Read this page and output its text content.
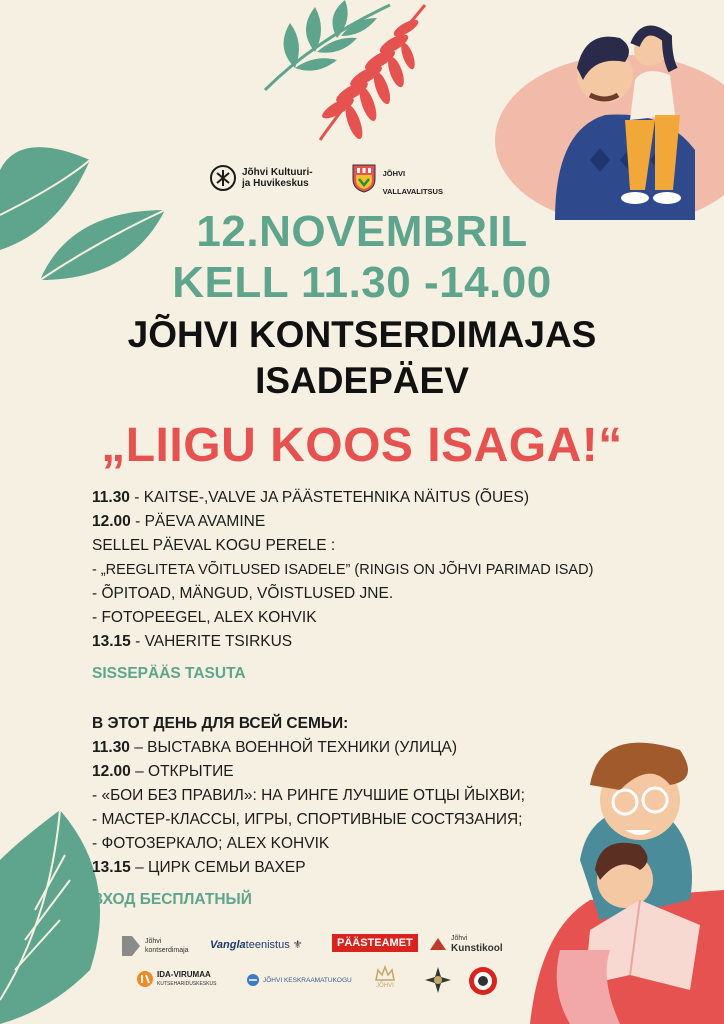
Jõhvi Kultuuri-
ja Huvikeskus

JÕHVI

VALLAVALITSUS

12.NOVEMBRIL
KELL 11.30 -14.00
JÕHVI KONTSERDIMAJAS
ISADEPÄEV
„LIIGU KOOS ISAGA!“
11.30 - KAITSE-,VALVE JA PÄÄSTETEHNIKA NÄITUS (ÕUES)
12.00 - PÄEVA AVAMINE
SELLEL PÄEVAL KOGU PERELE :
- „REEGLITETA VÕITLUSED ISADELE” (RINGIS ON JÕHVI PARIMAD ISAD)
- ÕPITOAD, MÄNGUD, VÕISTLUSED JNE.
- FOTOPEEGEL, ALEX KOHVIK
13.15 - VAHERITE TSIRKUS
SISSEPÄÄS TASUTA
В ЭТОТ ДЕНЬ ДЛЯ ВСЕЙ СЕМЬИ:
11.30 – ВЫСТАВКА ВОЕННОЙ ТЕХНИКИ (УЛИЦА)
12.00 – ОТКРЫТИЕ
- «БОИ БЕЗ ПРАВИЛ»: НА РИНГЕ ЛУЧШИЕ ОТЦЫ ЙЫХВИ;
- МАСТЕР-КЛАССЫ, ИГРЫ, СПОРТИВНЫЕ СОСТЯЗАНИЯ;
- ФОТОЗЕРКАЛО; ALEX KOHVIK
13.15 – ЦИРК СЕМЬИ ВАХЕР
ВХОД БЕСПЛАТНЫЙ
Jõhvi
kontserdimaja Vangla teenistus ⚜	PÄÄSTEAMET	Jõhvi
Kunstikool
IDA-VIRUMAA
KUTSEHARIDUSKESKUS	JÕHVI KESKRAAMATUKOGU
JÕHVI
